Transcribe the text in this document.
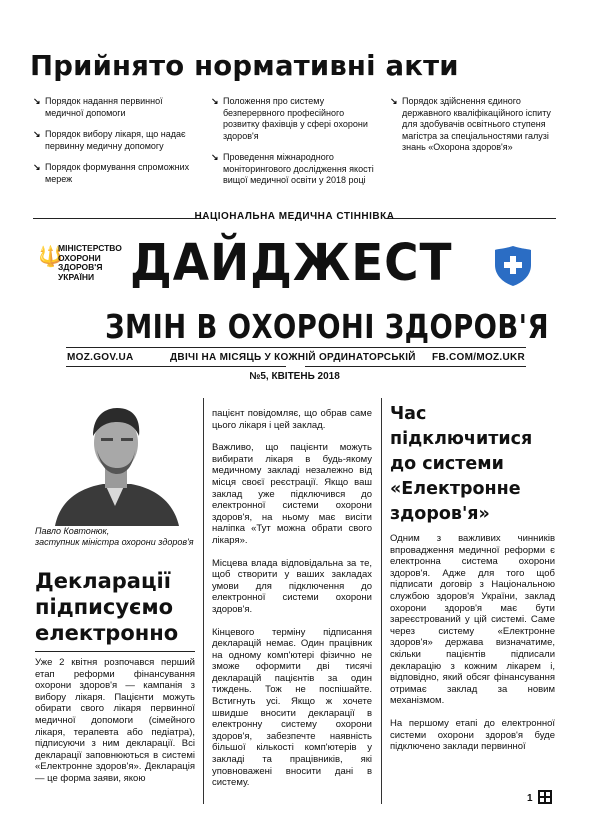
Прийнято нормативні акти
↘ Порядок надання первинної медичної допомоги
↘ Порядок вибору лікаря, що надає первинну медичну допомогу
↘ Порядок формування спроможних мереж
↘ Положення про систему безперервного професійного розвитку фахівців у сфері охорони здоров'я
↘ Проведення міжнародного моніторингового дослідження якості вищої медичної освіти у 2018 році
↘ Порядок здійснення єдиного державного кваліфікаційного іспиту для здобувачів освітнього ступеня магістра за спеціальностями галузі знань «Охорона здоров'я»
НАЦІОНАЛЬНА МЕДИЧНА СТІННІВКА
🔱
МІНІСТЕРСТВО
ОХОРОНИ
ЗДОРОВ'Я
УКРАЇНИ ДАЙДЖЕСТ
ЗМІН В ОХОРОНІ ЗДОРОВ'Я
MOZ.GOV.UA	ДВІЧІ НА МІСЯЦЬ У КОЖНІЙ ОРДИНАТОРСЬКІЙ FB.COM/MOZ.UKR
№5, КВІТЕНЬ 2018
Павло Ковтонюк,
заступник міністра охорони здоров'я
Декларації
підписуємо
електронно

Уже 2 квітня розпочався перший етап реформи фінансування охорони здоров'я — кампанія з вибору лікаря. Пацієнти можуть обирати свого лікаря первинної медичної допомоги (сімейного лікаря, терапевта або педіатра), підписуючи з ним декларації. Всі декларації заповнюються в системі «Електронне здоров'я». Декларація — це форма заяви, якою

пацієнт повідомляє, що обрав саме цього лікаря і цей заклад.

Важливо, що пацієнти можуть вибирати лікаря в будь-якому медичному закладі незалежно від місця своєї реєстрації. Якщо ваш заклад уже підключився до електронної системи охорони здоров'я, на ньому має висіти наліпка «Тут можна обрати свого лікаря».

Місцева влада відповідальна за те, щоб створити у ваших закладах умови для підключення до електронної системи охорони здоров'я.

Кінцевого терміну підписання декларацій немає. Один працівник на одному комп'ютері фізично не зможе оформити дві тисячі декларацій пацієнтів за один тиждень. Тож не поспішайте. Встигнуть усі. Якщо ж хочете швидше вносити декларації в електронну систему охорони здоров'я, забезпечте наявність більшої кількості комп'ютерів у закладі та працівників, які уповноважені вносити дані в систему.

Час
підключитися
до системи
«Електронне
здоров'я»

Одним з важливих чинників впровадження медичної реформи є електронна система охорони здоров'я. Адже для того щоб підписати договір з Національною службою здоров'я України, заклад охорони здоров'я має бути зареєстрований у цій системі. Саме через систему «Електронне здоров'я» держава визначатиме, скільки пацієнтів підписали декларацію з кожним лікарем і, відповідно, який обсяг фінансування отримає заклад за новим механізмом.

На першому етапі до електронної системи охорони здоров'я буде підключено заклади первинної

1
